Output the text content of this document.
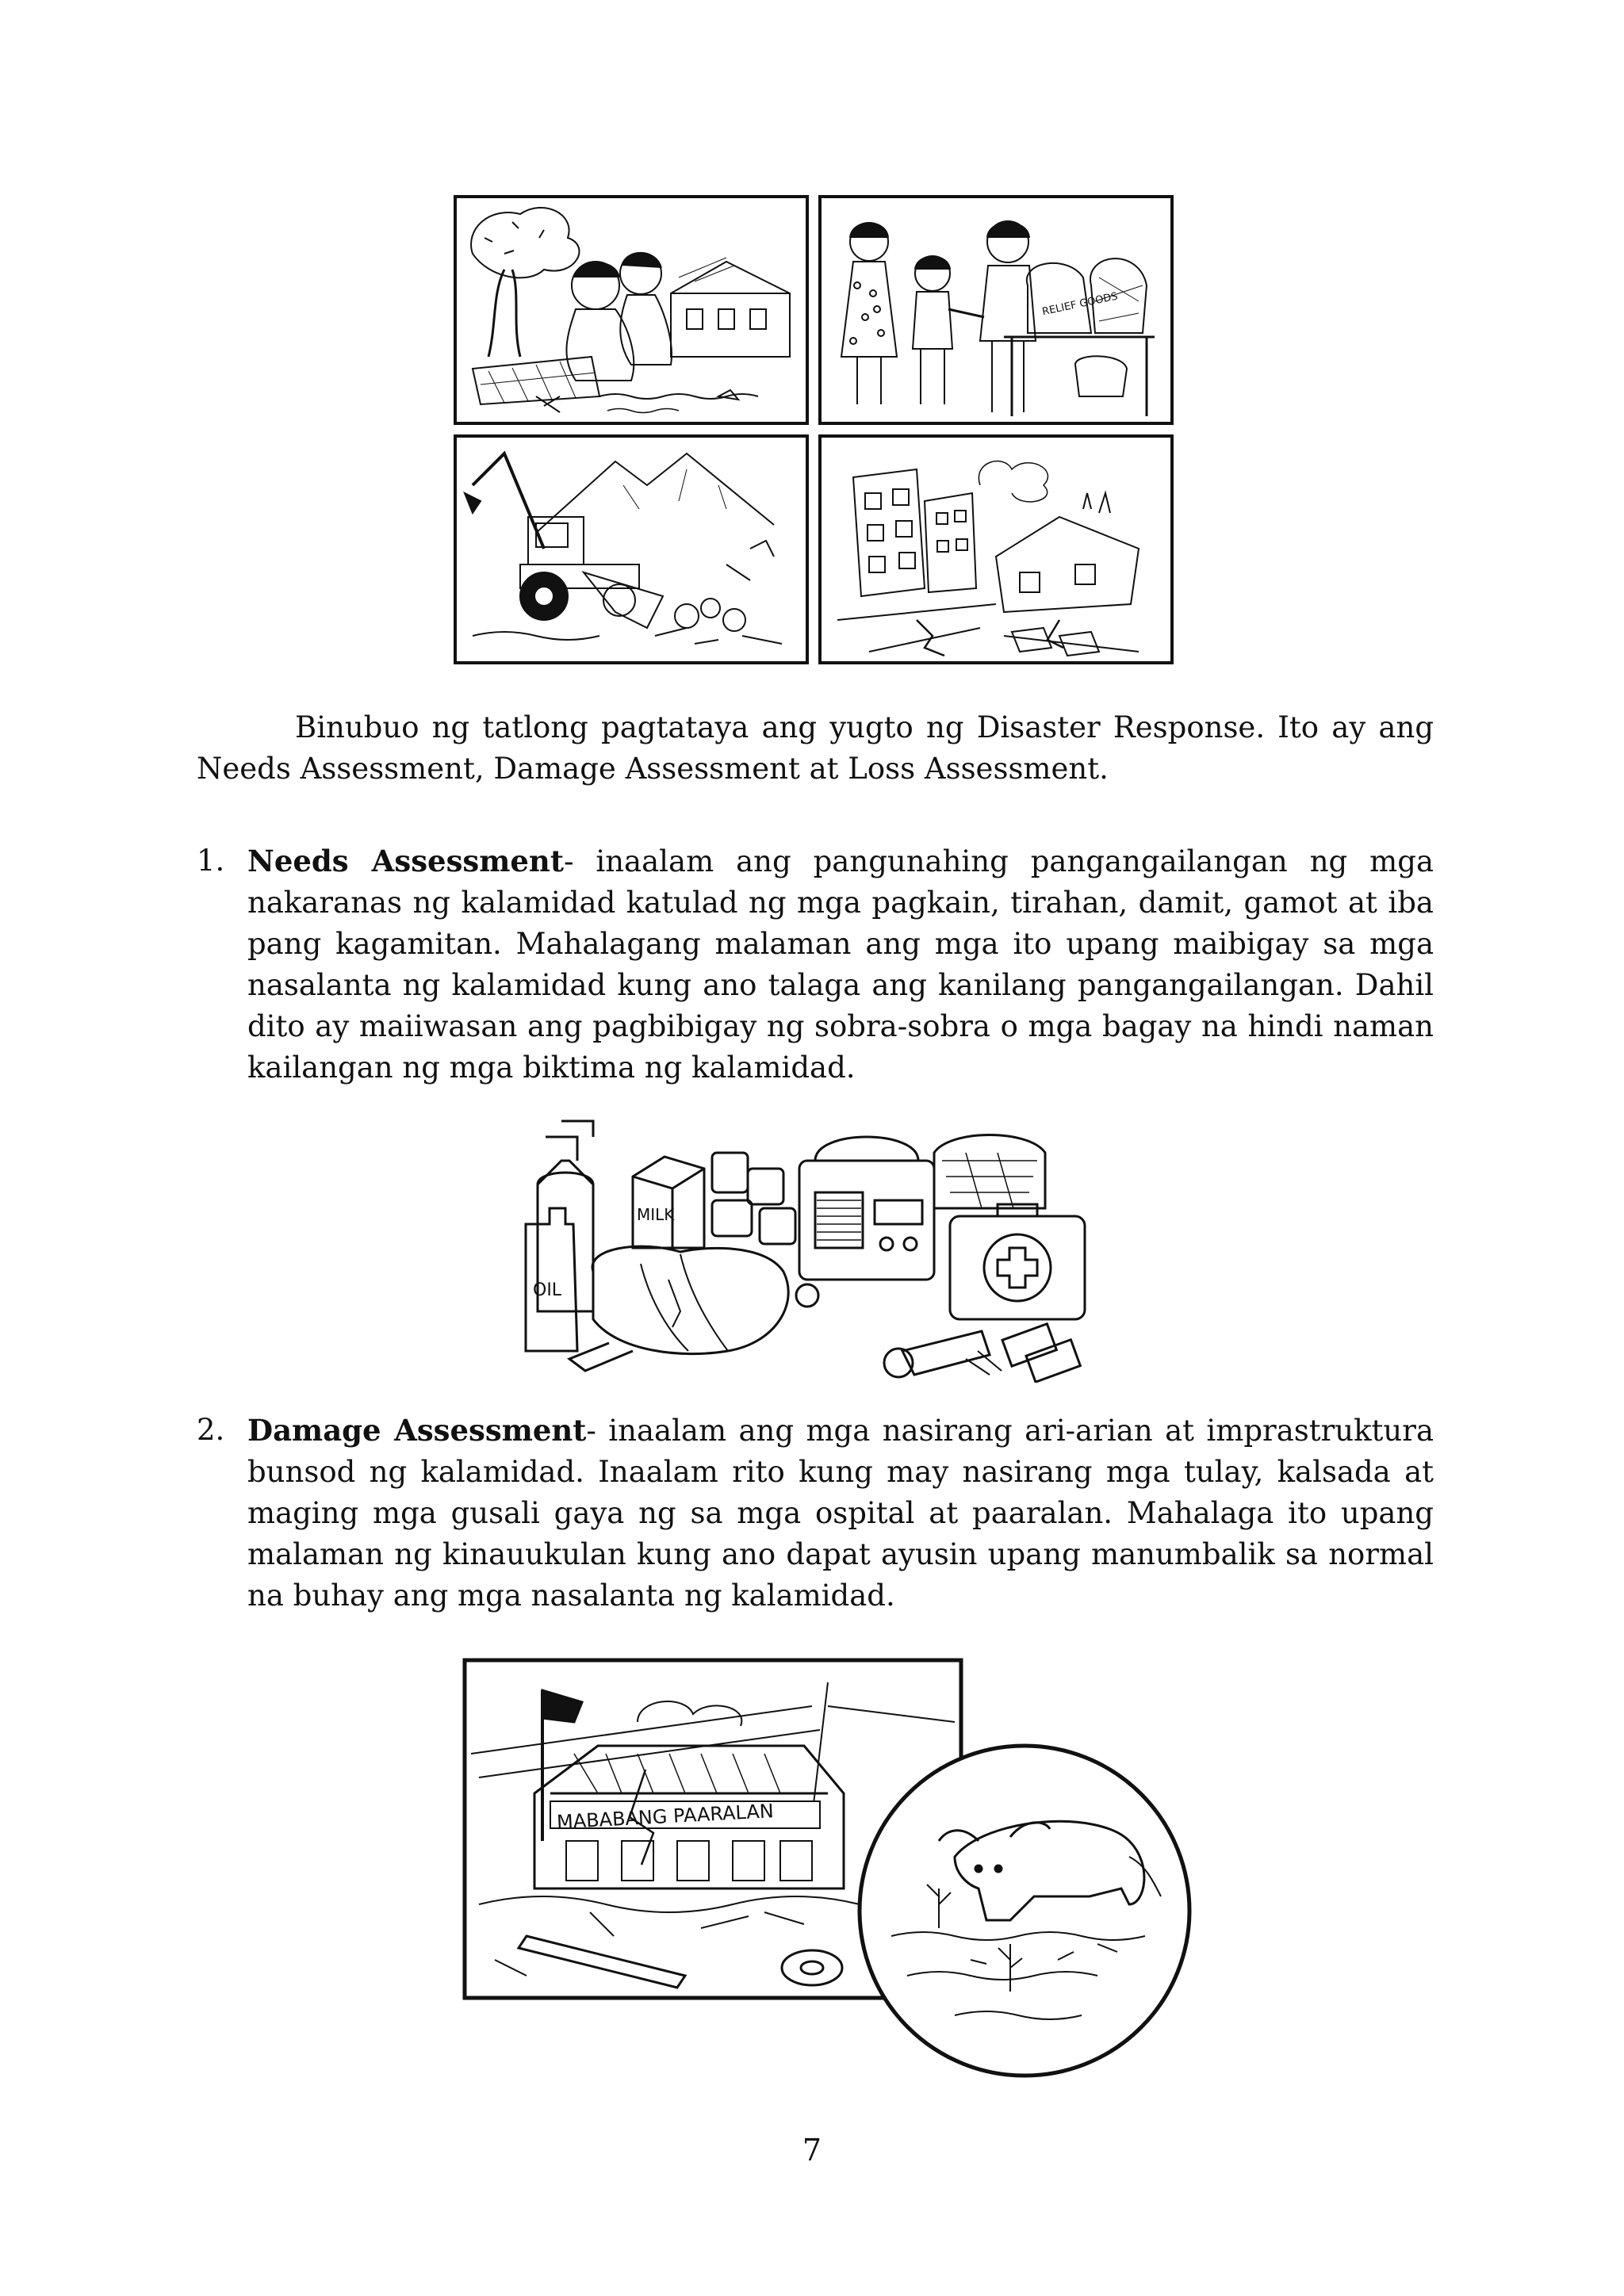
RELIEF GOODS

Binubuo ng tatlong pagtataya ang yugto ng Disaster Response. Ito ay ang Needs Assessment, Damage Assessment at Loss Assessment.

1. Needs Assessment- inaalam ang pangunahing pangangailangan ng mga nakaranas ng kalamidad katulad ng mga pagkain, tirahan, damit, gamot at iba pang kagamitan. Mahalagang malaman ang mga ito upang maibigay sa mga nasalanta ng kalamidad kung ano talaga ang kanilang pangangailangan. Dahil dito ay maiiwasan ang pagbibigay ng sobra-sobra o mga bagay na hindi naman kailangan ng mga biktima ng kalamidad.

OIL
MILK
2. Damage Assessment- inaalam ang mga nasirang ari-arian at imprastruktura bunsod ng kalamidad. Inaalam rito kung may nasirang mga tulay, kalsada at maging mga gusali gaya ng sa mga ospital at paaralan. Mahalaga ito upang malaman ng kinauukulan kung ano dapat ayusin upang manumbalik sa normal na buhay ang mga nasalanta ng kalamidad.

MABABANG PAARALAN
7
